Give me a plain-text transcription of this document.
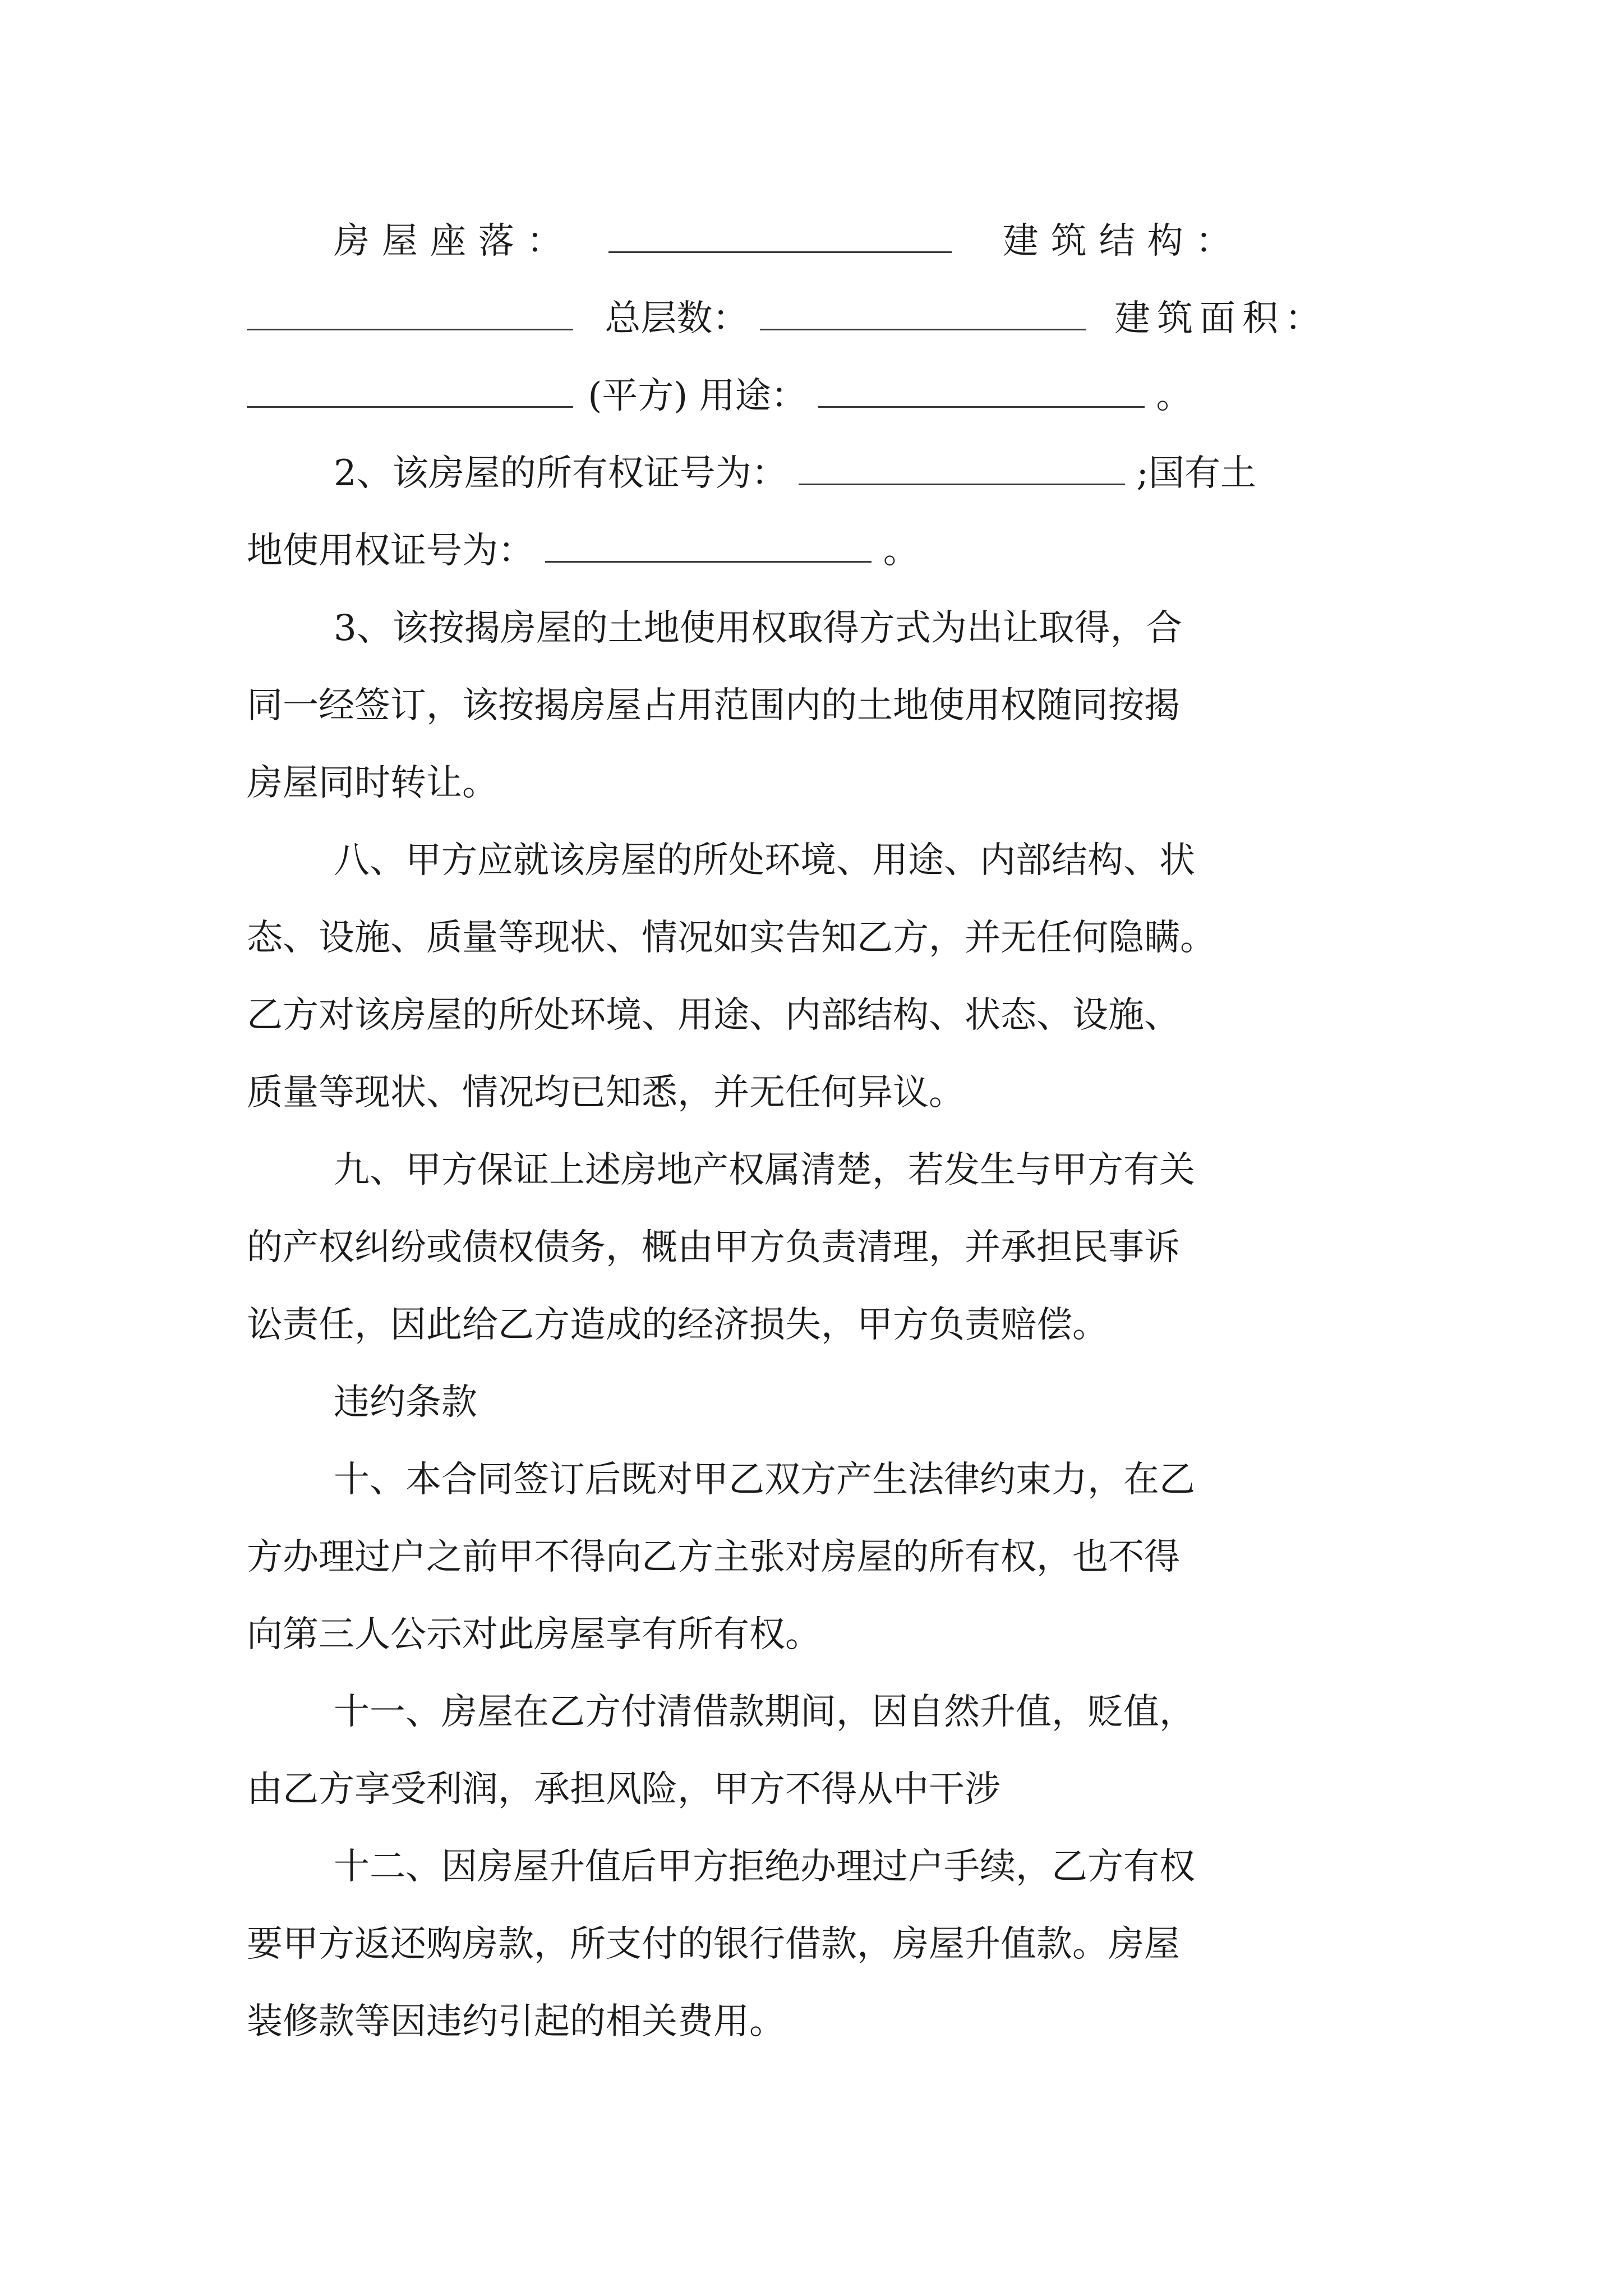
房屋座落：	建筑结构：
总层数：	建筑面积：
(平方) 用途：	。
2、该房屋的所有权证号为：	;国有土
地使用权证号为：	。
3、该按揭房屋的土地使用权取得方式为出让取得，合
同一经签订，该按揭房屋占用范围内的土地使用权随同按揭
房屋同时转让。
八、甲方应就该房屋的所处环境、用途、内部结构、状
态、设施、质量等现状、情况如实告知乙方，并无任何隐瞒。
乙方对该房屋的所处环境、用途、内部结构、状态、设施、
质量等现状、情况均已知悉，并无任何异议。
九、甲方保证上述房地产权属清楚，若发生与甲方有关
的产权纠纷或债权债务，概由甲方负责清理，并承担民事诉
讼责任，因此给乙方造成的经济损失，甲方负责赔偿。
违约条款
十、本合同签订后既对甲乙双方产生法律约束力，在乙
方办理过户之前甲不得向乙方主张对房屋的所有权，也不得
向第三人公示对此房屋享有所有权。
十一、房屋在乙方付清借款期间，因自然升值，贬值，
由乙方享受利润，承担风险，甲方不得从中干涉
十二、因房屋升值后甲方拒绝办理过户手续，乙方有权
要甲方返还购房款，所支付的银行借款，房屋升值款。房屋
装修款等因违约引起的相关费用。
